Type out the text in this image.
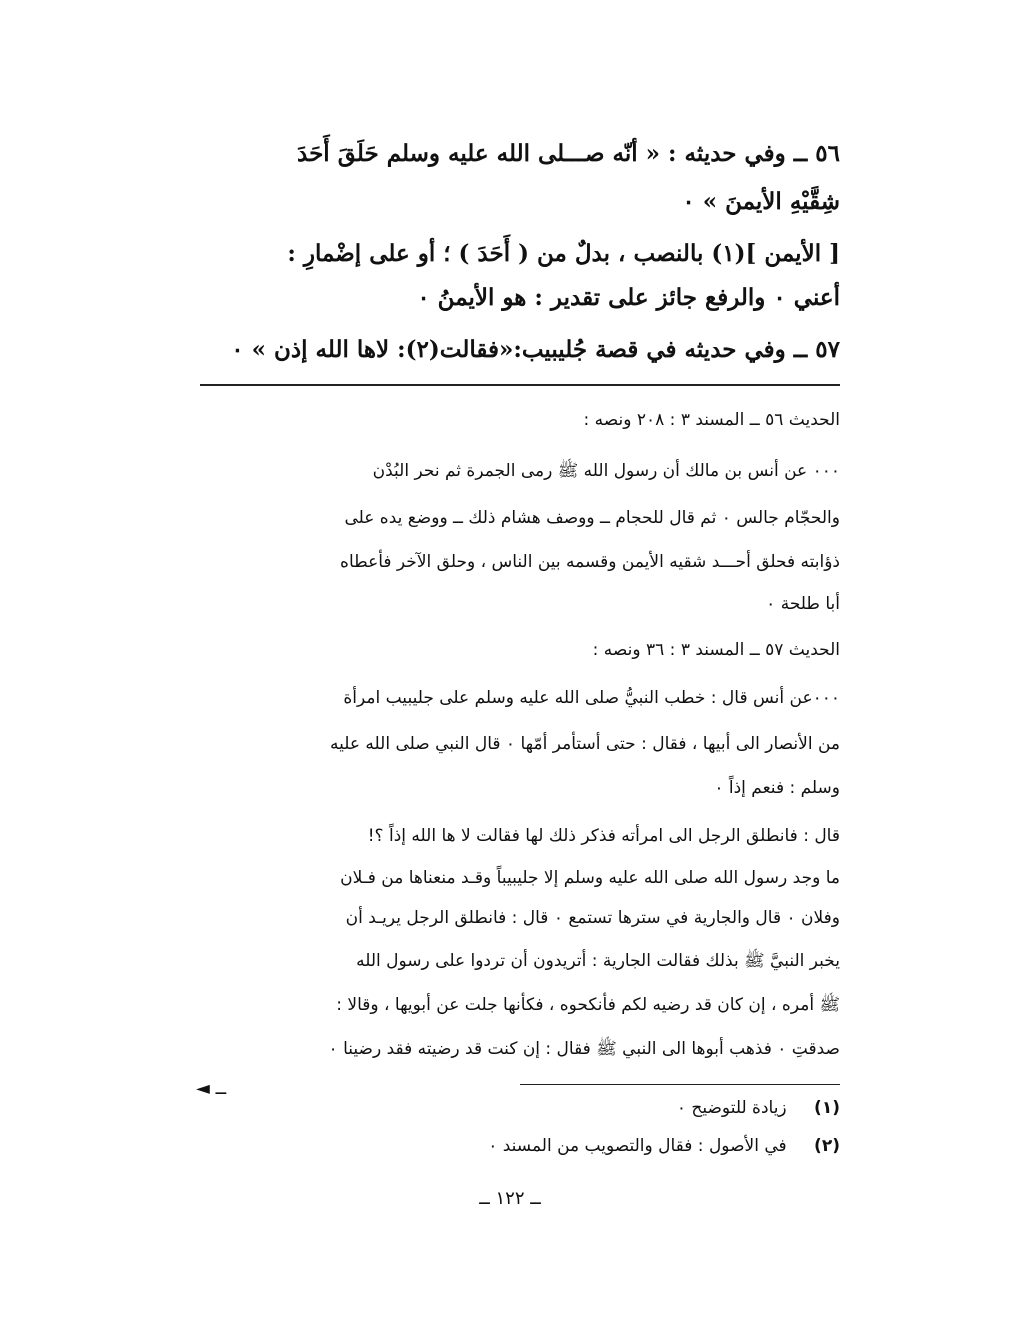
٥٦ ــ وفي حديثه : « أنّه صـــلى الله عليه وسلم حَلَقَ أَحَدَ
شِقَّيْهِ الأيمنَ » ٠
[ الأيمن ](١) بالنصب ، بدلٌ من ( أَحَدَ ) ؛ أو على إضْمارِ :
أعني ٠ والرفع جائز على تقدير : هو الأيمنُ ٠
٥٧ ــ وفي حديثه في قصة جُليبيب:«فقالت(٢): لاها الله إذن » ٠
الحديث ٥٦ ــ المسند ٣ : ٢٠٨ ونصه :
٠٠٠ عن أنس بن مالك أن رسول الله ﷺ رمى الجمرة ثم نحر البُدْن
والحجّام جالس ٠ ثم قال للحجام ــ ووصف هشام ذلك ــ ووضع يده على
ذؤابته فحلق أحـــد شقيه الأيمن وقسمه بين الناس ، وحلق الآخر فأعطاه
أبا طلحة ٠
الحديث ٥٧ ــ المسند ٣ : ٣٦ ونصه :
٠٠٠عن أنس قال : خطب النبيُّ صلى الله عليه وسلم على جليبيب امرأة
من الأنصار الى أبيها ، فقال : حتى أستأمر أمّها ٠ قال النبي صلى الله عليه
وسلم : فنعم إذاً ٠
قال : فانطلق الرجل الى امرأته فذكر ذلك لها فقالت لا ها الله إذاً ؟!
ما وجد رسول الله صلى الله عليه وسلم إلا جليبيباً وقـد منعناها من فـلان
وفلان ٠ قال والجارية في سترها تستمع ٠ قال : فانطلق الرجل يريـد أن
يخبر النبيَّ ﷺ بذلك فقالت الجارية : أتريدون أن تردوا على رسول الله
ﷺ أمره ، إن كان قد رضيه لكم فأنكحوه ، فكأنها جلت عن أبويها ، وقالا :
صدقتِ ٠ فذهب أبوها الى النبي ﷺ فقال : إن كنت قد رضيته فقد رضينا ٠
◄ ــ
(١) زيادة للتوضيح ٠
(٢) في الأصول : فقال والتصويب من المسند ٠
ــ ١٢٢ ــ
